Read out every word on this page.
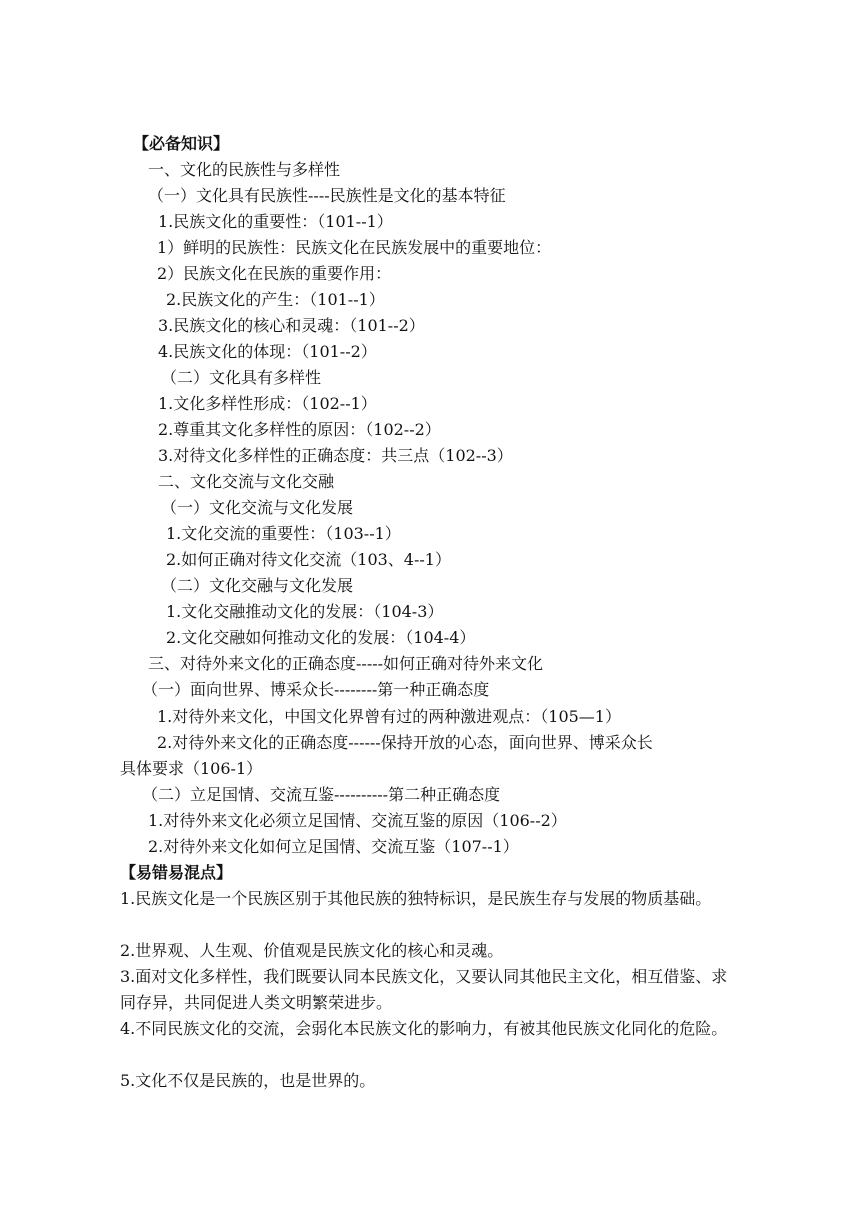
【必备知识】
一、文化的民族性与多样性
（一）文化具有民族性----民族性是文化的基本特征
1.民族文化的重要性：（101--1）
1）鲜明的民族性：民族文化在民族发展中的重要地位：
2）民族文化在民族的重要作用：
2.民族文化的产生：（101--1）
3.民族文化的核心和灵魂：（101--2）
4.民族文化的体现：（101--2）
（二）文化具有多样性
1.文化多样性形成：（102--1）
2.尊重其文化多样性的原因：（102--2）
3.对待文化多样性的正确态度：共三点（102--3）
二、文化交流与文化交融
（一）文化交流与文化发展
1.文化交流的重要性：（103--1）
2.如何正确对待文化交流（103、4--1）
（二）文化交融与文化发展
1.文化交融推动文化的发展：（104-3）
2.文化交融如何推动文化的发展：（104-4）
三、对待外来文化的正确态度-----如何正确对待外来文化
（一）面向世界、博采众长--------第一种正确态度
1.对待外来文化，中国文化界曾有过的两种激进观点：（105—1）
2.对待外来文化的正确态度------保持开放的心态，面向世界、博采众长
具体要求（106-1）
（二）立足国情、交流互鉴----------第二种正确态度
1.对待外来文化必须立足国情、交流互鉴的原因（106--2）
2.对待外来文化如何立足国情、交流互鉴（107--1）
【易错易混点】
1.民族文化是一个民族区别于其他民族的独特标识，是民族生存与发展的物质基础。
2.世界观、人生观、价值观是民族文化的核心和灵魂。
3.面对文化多样性，我们既要认同本民族文化，又要认同其他民主文化，相互借鉴、求同存异，共同促进人类文明繁荣进步。
4.不同民族文化的交流，会弱化本民族文化的影响力，有被其他民族文化同化的危险。
5.文化不仅是民族的，也是世界的。
